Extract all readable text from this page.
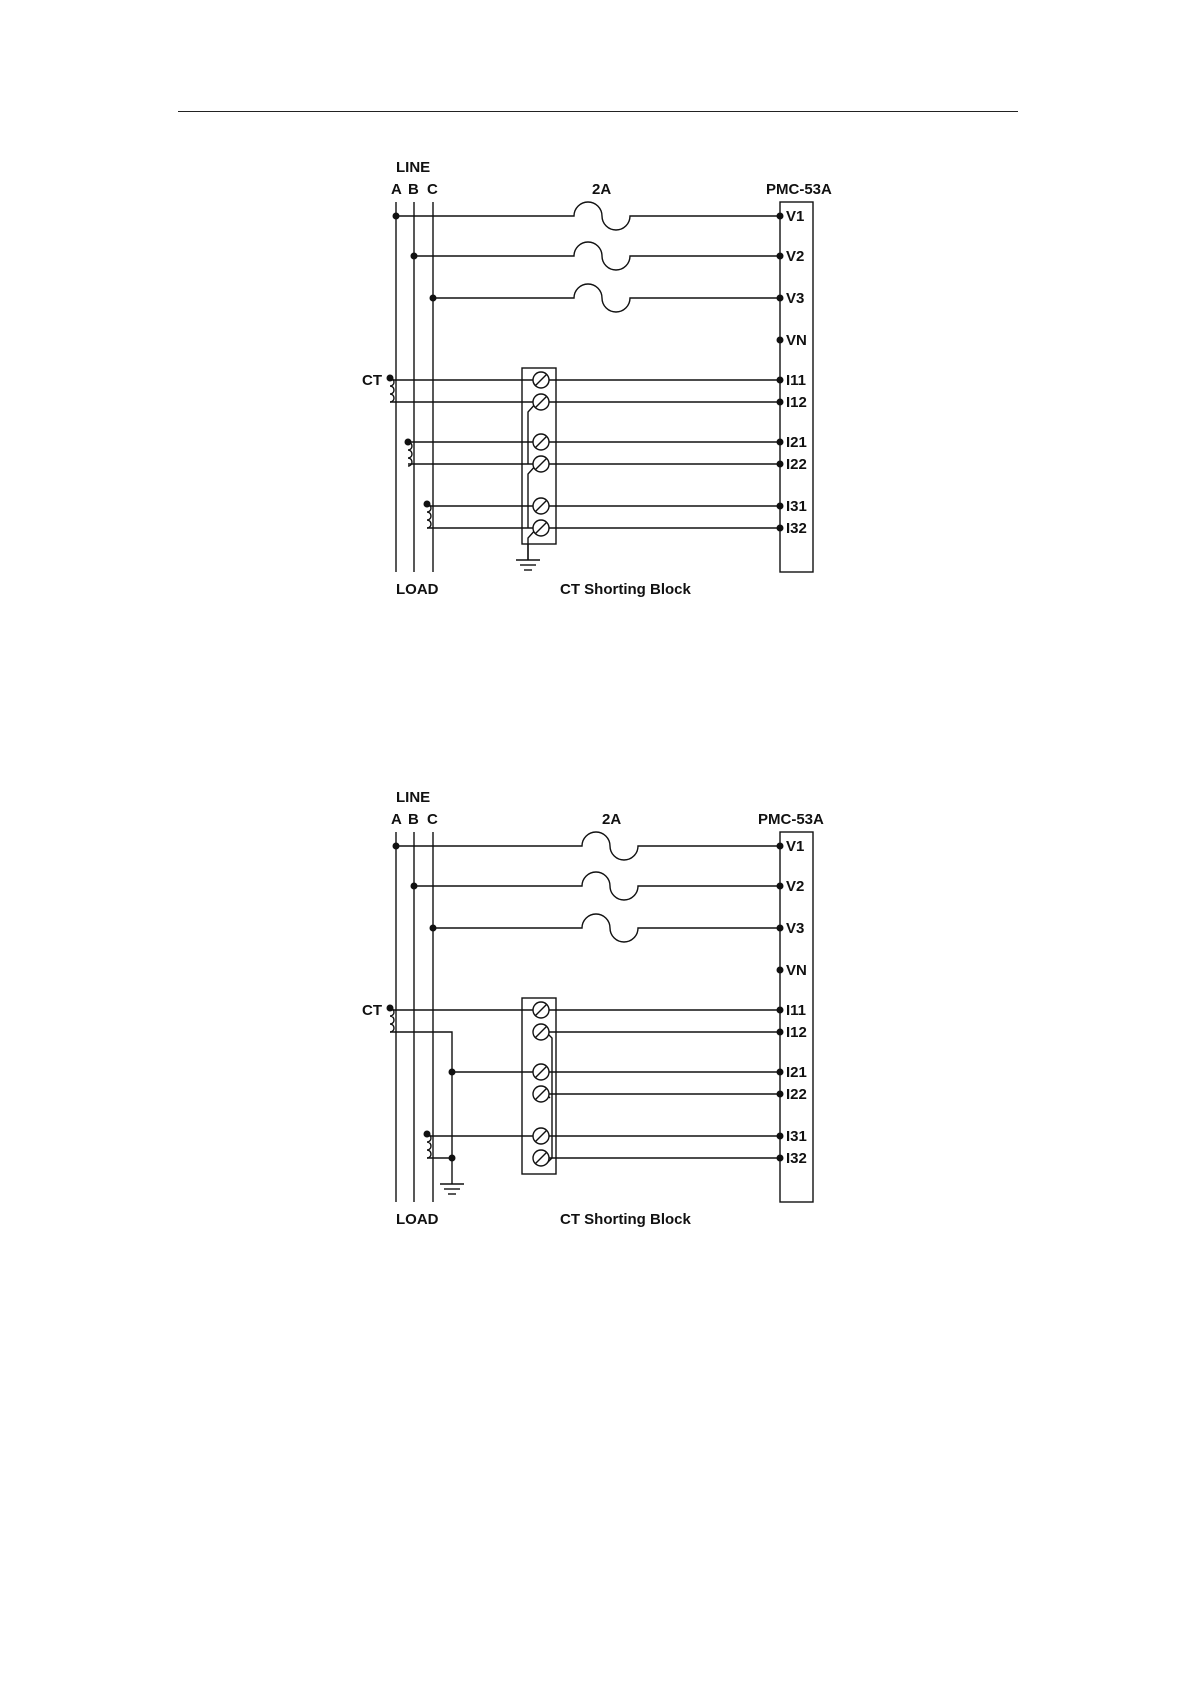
LINE
A B C	2A	PMC-53A
V1
V2
V3
VN
I11
I12
I21
I22
I31
I32
CT
LOAD	CT Shorting Block
LINE
A B C	2A	PMC-53A
V1
V2
V3
VN
I11
I12
I21
I22
I31
I32
CT
LOAD	CT Shorting Block
